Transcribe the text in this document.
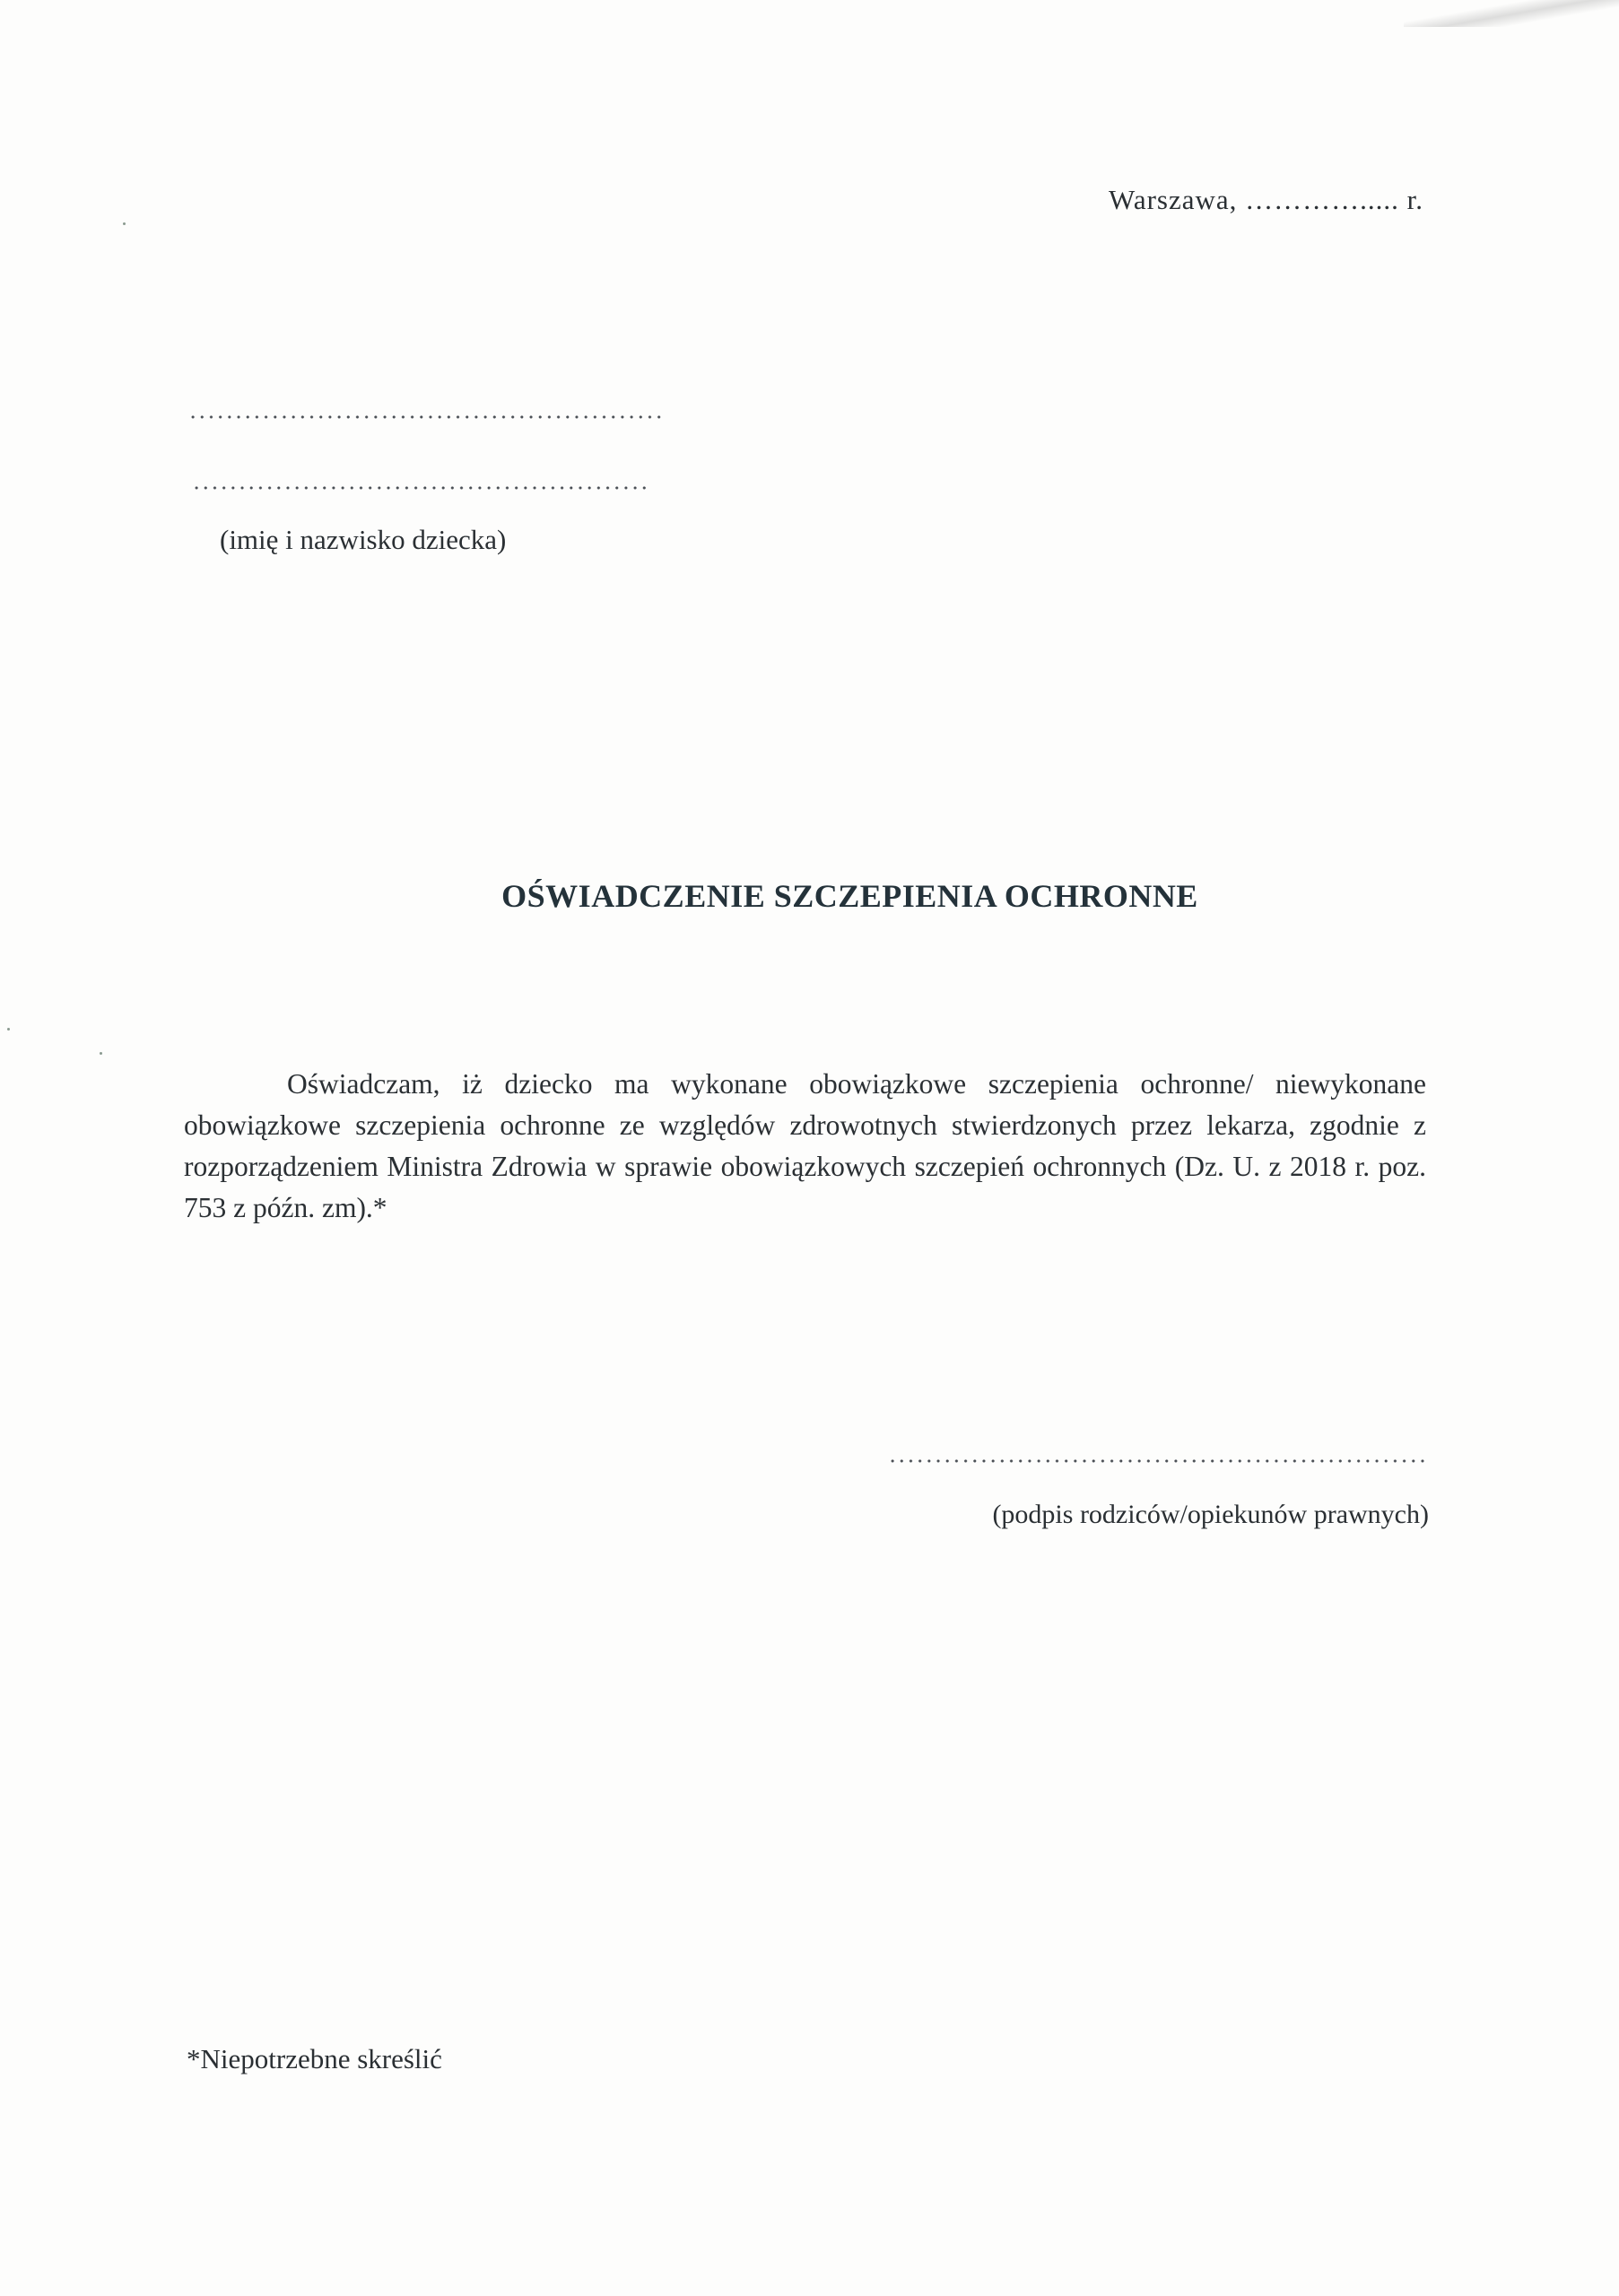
Warszawa, …………..... r.
(imię i nazwisko dziecka)
OŚWIADCZENIE SZCZEPIENIA OCHRONNE
Oświadczam, iż dziecko ma wykonane obowiązkowe szczepienia ochronne/ niewykonane obowiązkowe szczepienia ochronne ze względów zdrowotnych stwierdzonych przez lekarza, zgodnie z rozporządzeniem Ministra Zdrowia w sprawie obowiązkowych szczepień ochronnych (Dz. U. z 2018 r. poz. 753 z późn. zm).*
(podpis rodziców/opiekunów prawnych)
*Niepotrzebne skreślić
